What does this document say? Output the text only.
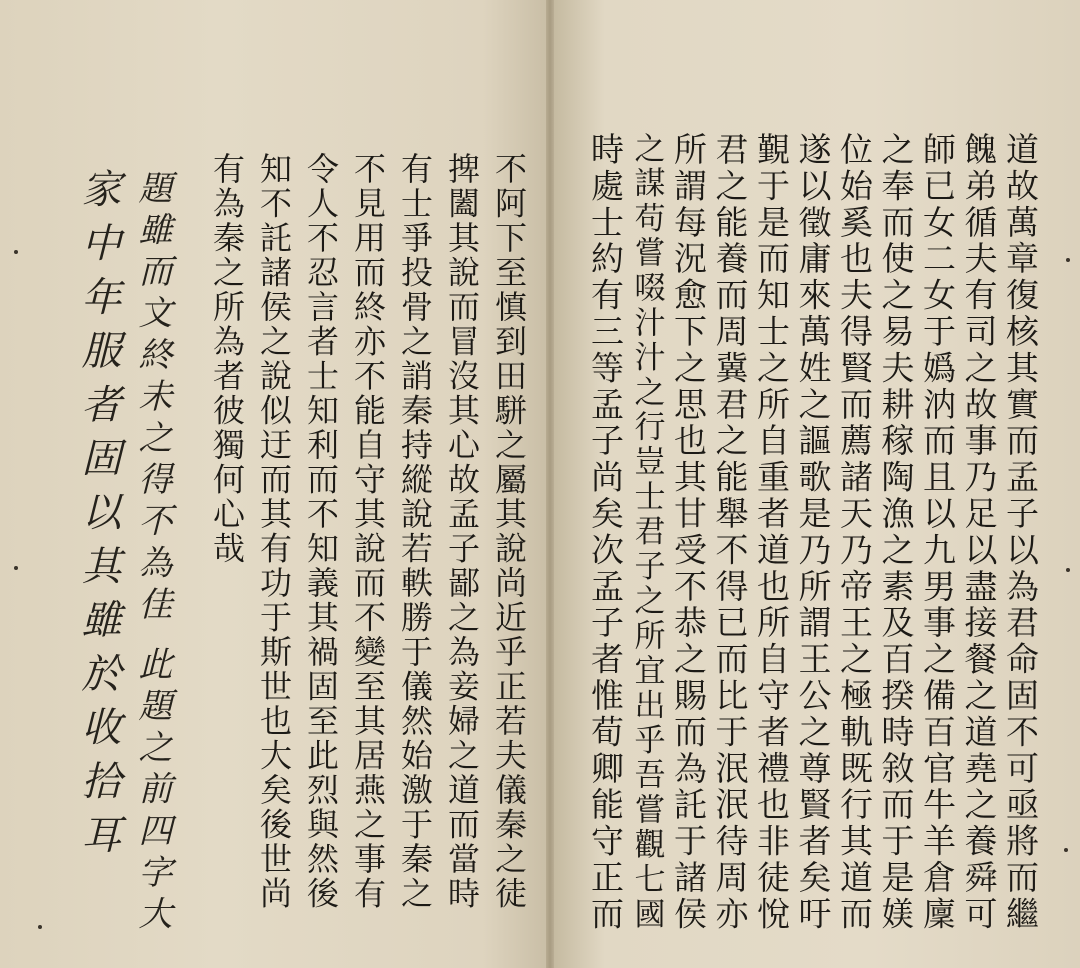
道故萬章復核其實而孟子以為君命固不可亟將而繼
餽弟循夫有司之故事乃足以盡接餐之道堯之養舜可
師已女二女于嬀汭而且以九男事之備百官牛羊倉廩
之奉而使之易夫耕稼陶漁之素及百揆時敘而于是媄
位始奚也夫得賢而薦諸天乃帝王之極軌既行其道而
遂以徵庸來萬姓之謳歌是乃所謂王公之尊賢者矣吁
覲于是而知士之所自重者道也所自守者禮也非徒悅
君之能養而周冀君之能舉不得已而比于泯泯待周亦
所謂每況愈下之思也其甘受不恭之賜而為託于諸侯
不阿下至慎到田駢之屬其說尚近乎正若夫儀秦之徒
捭闔其說而冒沒其心故孟子鄙之為妾婦之道而當時
有士爭投骨之誚秦持縱說若軼勝于儀然始激于秦之
不見用而終亦不能自守其說而不變至其居燕之事有
令人不忍言者士知利而不知義其禍固至此烈與然後
知不託諸侯之說似迂而其有功于斯世也大矣後世尚
有為秦之所為者彼獨何心哉
題雖而文終未之得不為佳 此題之前四字大
家中年服者固以其雖於收拾耳	之謀苟嘗啜汁汁之行豈士君子之所宜出乎吾嘗觀七國
時處士約有三等孟子尚矣次孟子者惟荀卿能守正而
